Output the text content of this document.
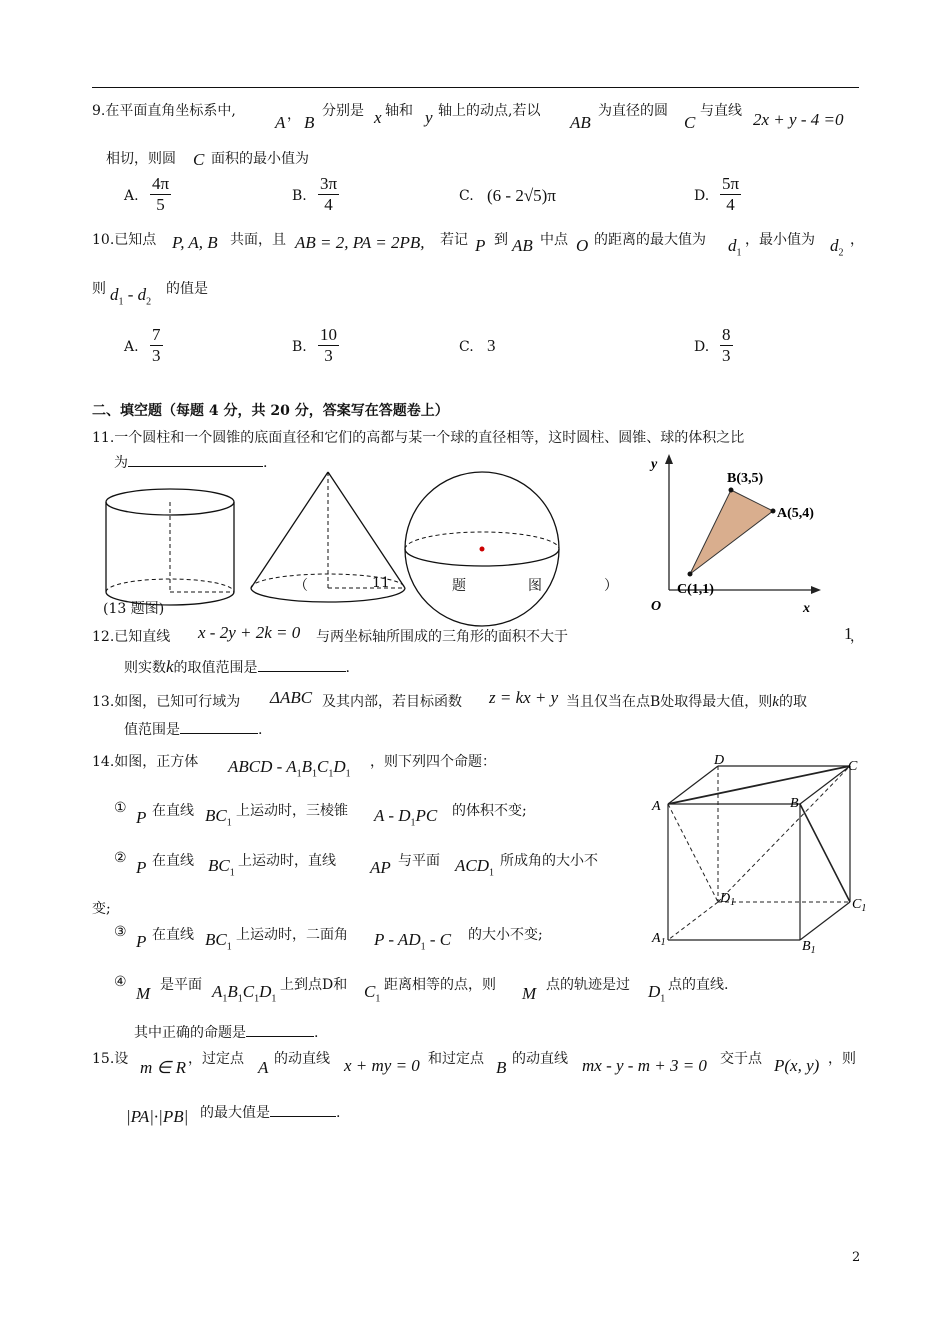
9.在平面直角坐标系中,
A ， B
分别是 x 轴和 y 轴上的动点,若以
AB
为直径的圆
C
与直线 2x + y - 4 =0
相切，则圆 C 面积的最小值为
A. $\frac{4\pi}{5}$	B. $\frac{3\pi}{4}$	C. (6 - 2√5)π	D. $\frac{5\pi}{4}$
10.已知点 P, A, B 共面，且 AB = 2, PA = 2PB, 若记 P 到 AB 中点 O 的距离的最大值为 $d_1$
，最小值为 $d_2$
，
则 $d_1 - d_2$
的值是
A. $\frac{7}{3}$	B. $\frac{10}{3}$	C. 3	D. $\frac{8}{3}$
二、填空题（每题 4 分，共 20 分，答案写在答题卷上）
11.一个圆柱和一个圆锥的底面直径和它们的高都与某一个球的直径相等，这时圆柱、圆锥、球的体积之比
为	.
（	11	题	图	）
(13 题图)
y
x
O
B(3,5)
A(5,4)
C(1,1)
12.已知直线 x - 2y + 2k = 0 与两坐标轴所围成的三角形的面积不大于	1
，
则实数k的取值范围是	.
13.如图，已知可行域为 ΔABC 及其内部，若目标函数 z = kx + y 当且仅当在点B处取得最大值，则k的取
值范围是	.
14.如图，正方体 ABCD - $A_1B_1C_1D_1$
，则下列四个命题：
① P 在直线 $BC_1$
上运动时，三棱锥 A - $D_1PC$ 的体积不变;
② P 在直线 $BC_1$
上运动时，直线 AP 与平面 $ACD_1$
所成角的大小不
变;
③ P 在直线 $BC_1$
上运动时，二面角 P - $AD_1$ - C 的大小不变;
④
M 是平面 $A_1B_1C_1D_1$
上到点D和 $C_1$
距离相等的点，则 M 点的轨迹是过 $D_1$
点的直线.
其中正确的命题是	.
D	C
A	B
$D_1$	$C_1$
$A_1$	$B_1$
15.设 m ∈ R ，过定点 A 的动直线 x + my = 0 和过定点 B 的动直线 mx - y - m + 3 = 0 交于点 P(x, y) ，则
|PA|·|PB| 的最大值是	.
2
